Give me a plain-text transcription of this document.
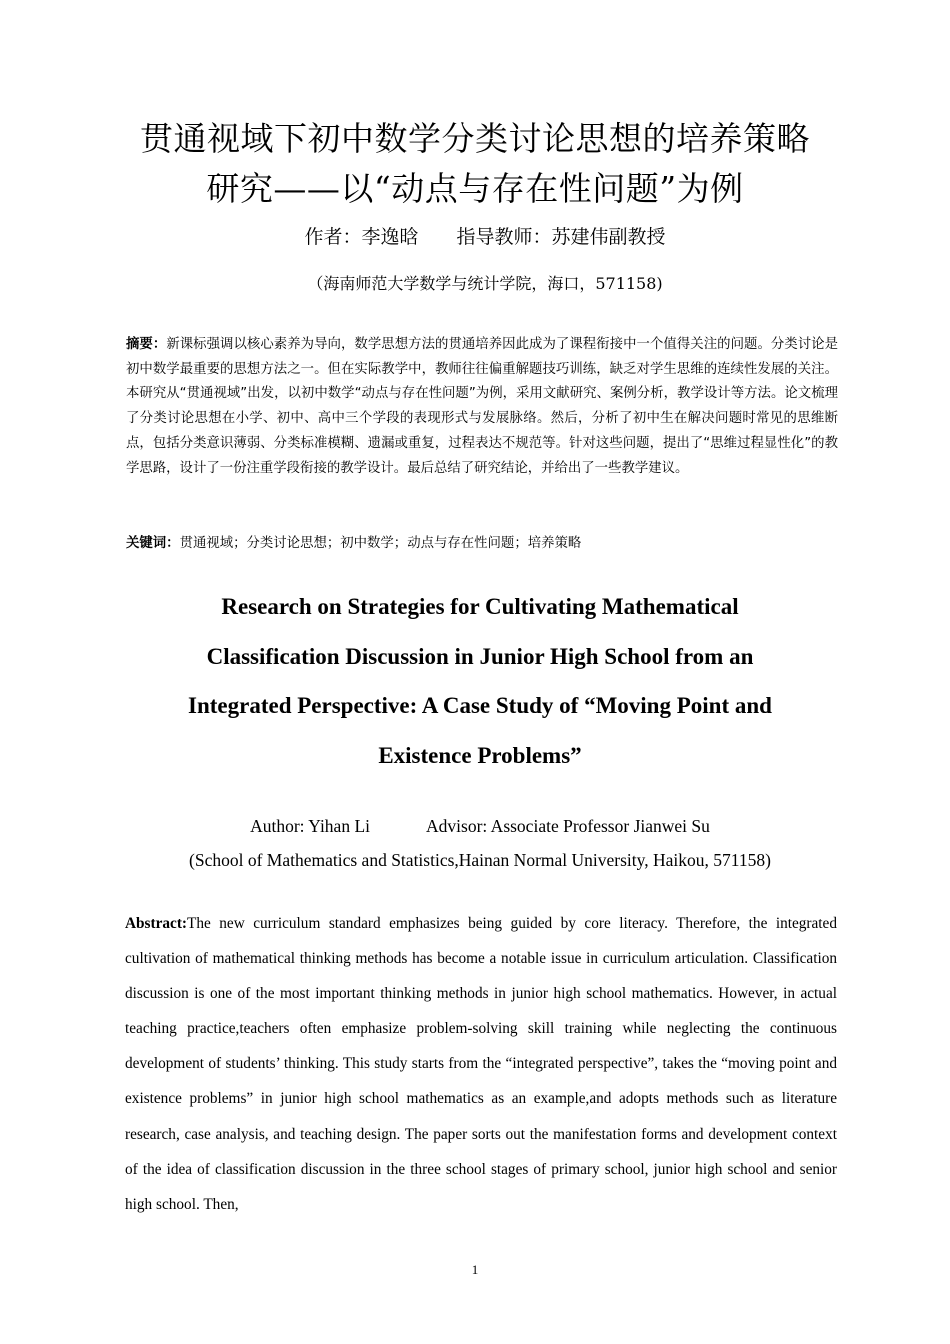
贯通视域下初中数学分类讨论思想的培养策略
研究——以“动点与存在性问题”为例
作者：李逸晗 指导教师：苏建伟副教授
（海南师范大学数学与统计学院，海口，571158)
摘要：新课标强调以核心素养为导向，数学思想方法的贯通培养因此成为了课程衔接中一个值得关注的问题。分类讨论是初中数学最重要的思想方法之一。但在实际教学中，教师往往偏重解题技巧训练，缺乏对学生思维的连续性发展的关注。本研究从“贯通视域”出发，以初中数学“动点与存在性问题”为例，采用文献研究、案例分析，教学设计等方法。论文梳理了分类讨论思想在小学、初中、高中三个学段的表现形式与发展脉络。然后，分析了初中生在解决问题时常见的思维断点，包括分类意识薄弱、分类标准模糊、遗漏或重复，过程表达不规范等。针对这些问题，提出了“思维过程显性化”的教学思路，设计了一份注重学段衔接的教学设计。最后总结了研究结论，并给出了一些教学建议。
关键词：贯通视域；分类讨论思想；初中数学；动点与存在性问题；培养策略
Research on Strategies for Cultivating Mathematical
Classification Discussion in Junior High School from an
Integrated Perspective: A Case Study of “Moving Point and
Existence Problems”
Author: Yihan Li	Advisor: Associate Professor Jianwei Su
(School of Mathematics and Statistics,Hainan Normal University, Haikou, 571158)
Abstract:The new curriculum standard emphasizes being guided by core literacy. Therefore, the integrated cultivation of mathematical thinking methods has become a notable issue in curriculum articulation. Classification discussion is one of the most important thinking methods in junior high school mathematics. However, in actual teaching practice,teachers often emphasize problem-solving skill training while neglecting the continuous development of students’ thinking. This study starts from the “integrated perspective”, takes the “moving point and existence problems” in junior high school mathematics as an example,and adopts methods such as literature research, case analysis, and teaching design. The paper sorts out the manifestation forms and development context of the idea of classification discussion in the three school stages of primary school, junior high school and senior high school. Then,
1
